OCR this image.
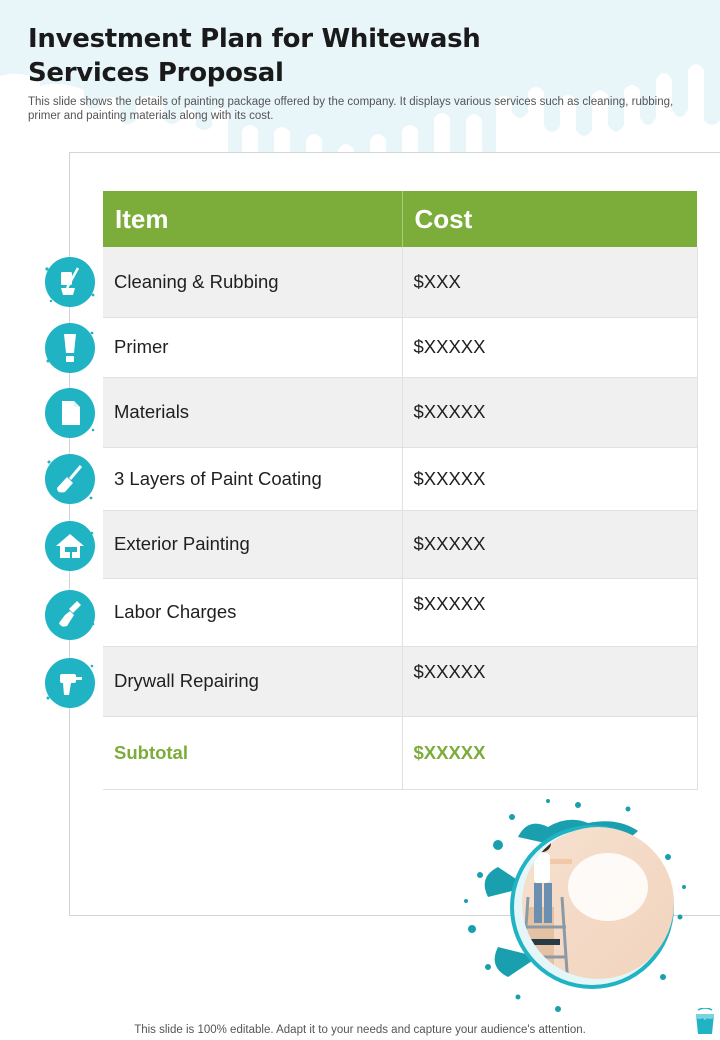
Investment Plan for Whitewash Services Proposal

This slide shows the details of painting package offered by the company. It displays various services such as cleaning, rubbing, primer and painting materials along with its cost.

Item	Cost
Cleaning & Rubbing	$XXX
Primer	$XXXXX
Materials	$XXXXX
3 Layers of Paint Coating	$XXXXX
Exterior Painting	$XXXXX
Labor Charges	$XXXXX
Drywall Repairing	$XXXXX
Subtotal	$XXXXX

This slide is 100% editable. Adapt it to your needs and capture your audience's attention.
